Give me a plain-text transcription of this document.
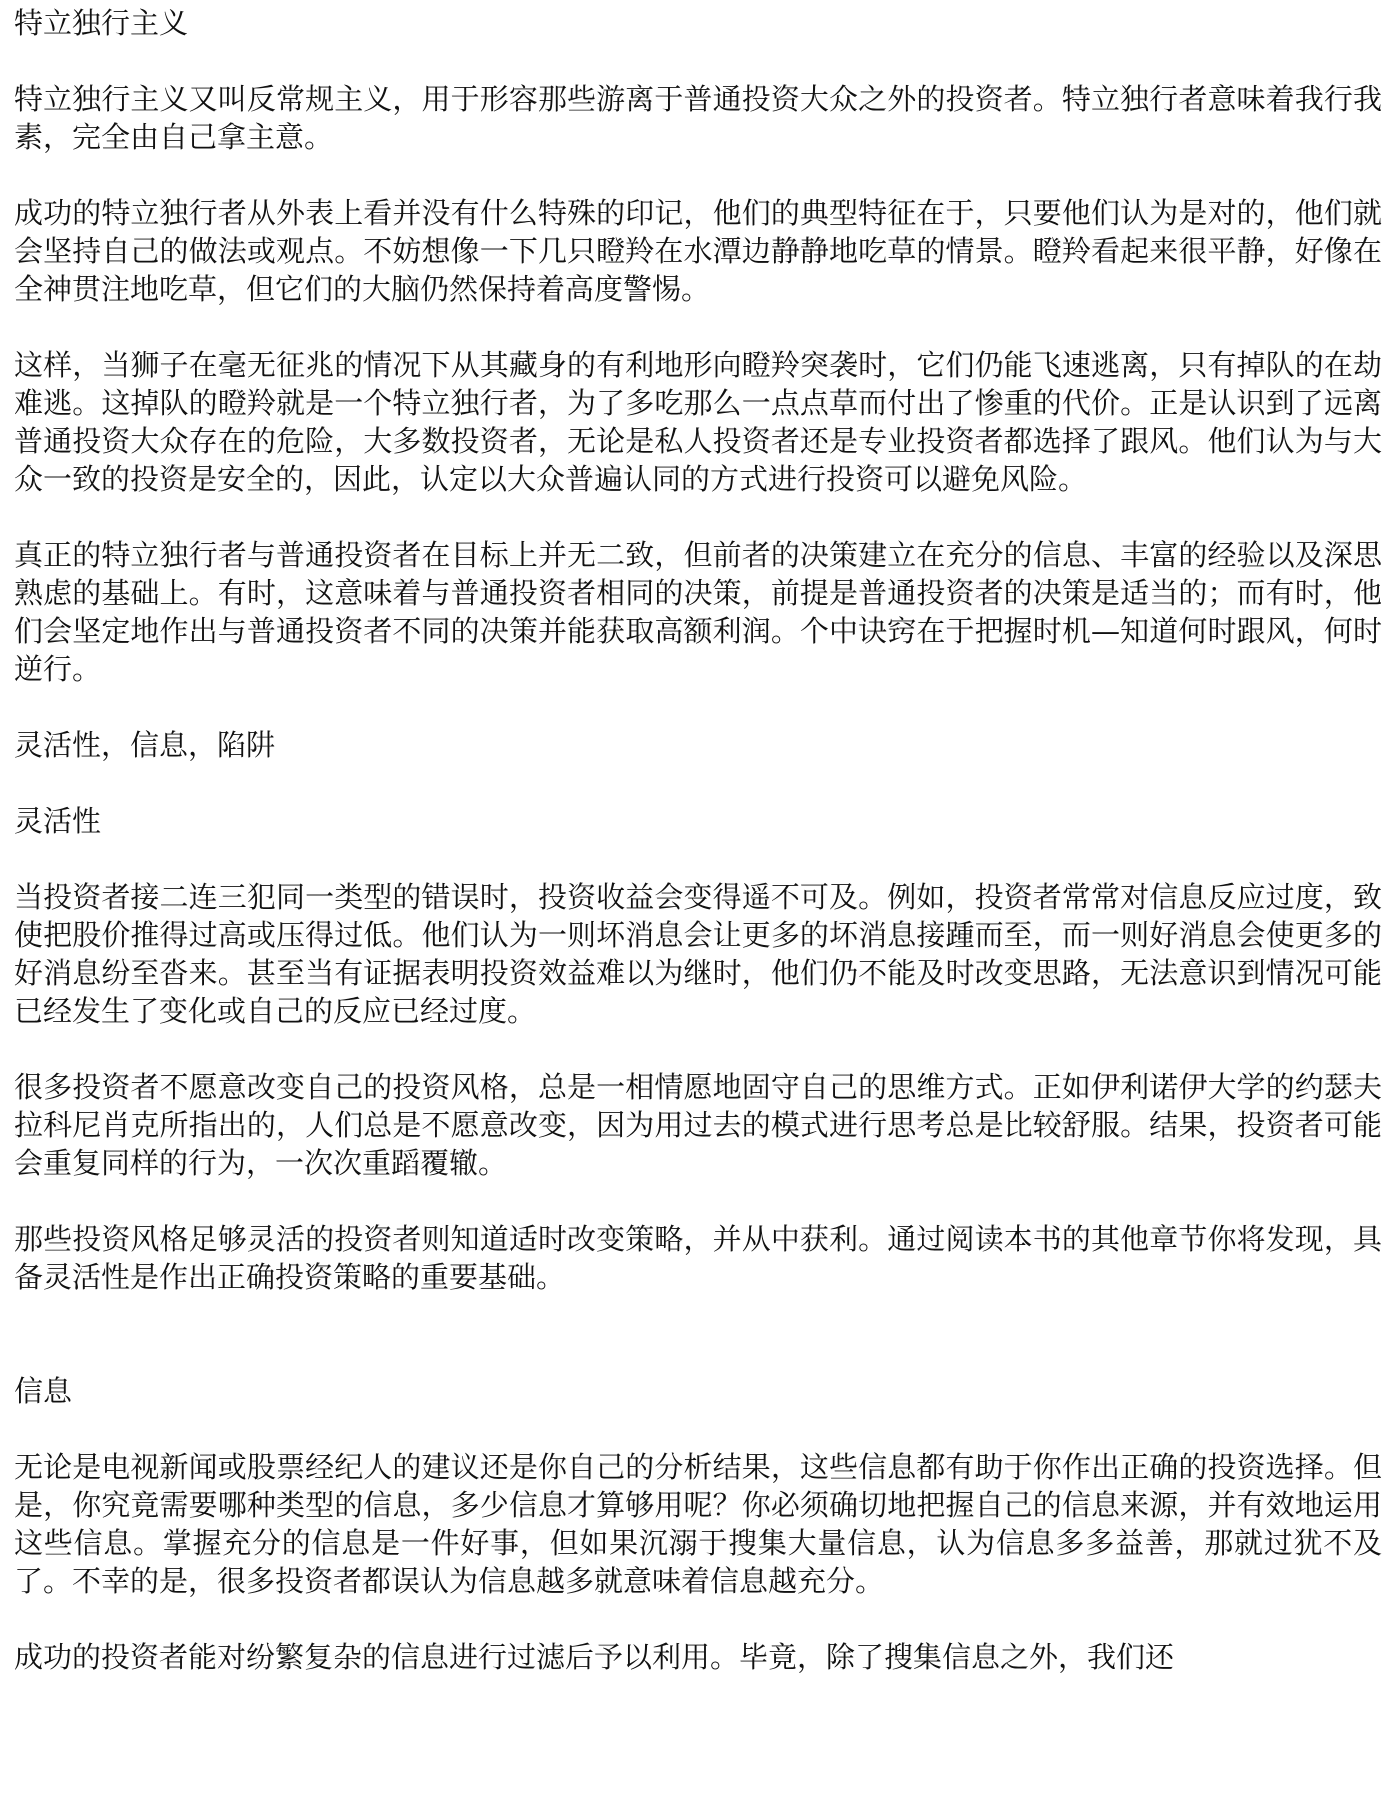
特立独行主义

特立独行主义又叫反常规主义，用于形容那些游离于普通投资大众之外的投资者。特立独行者意味着我行我素，完全由自己拿主意。

成功的特立独行者从外表上看并没有什么特殊的印记，他们的典型特征在于，只要他们认为是对的，他们就会坚持自己的做法或观点。不妨想像一下几只瞪羚在水潭边静静地吃草的情景。瞪羚看起来很平静，好像在全神贯注地吃草，但它们的大脑仍然保持着高度警惕。

这样，当狮子在毫无征兆的情况下从其藏身的有利地形向瞪羚突袭时，它们仍能飞速逃离，只有掉队的在劫难逃。这掉队的瞪羚就是一个特立独行者，为了多吃那么一点点草而付出了惨重的代价。正是认识到了远离普通投资大众存在的危险，大多数投资者，无论是私人投资者还是专业投资者都选择了跟风。他们认为与大众一致的投资是安全的，因此，认定以大众普遍认同的方式进行投资可以避免风险。

真正的特立独行者与普通投资者在目标上并无二致，但前者的决策建立在充分的信息、丰富的经验以及深思熟虑的基础上。有时，这意味着与普通投资者相同的决策，前提是普通投资者的决策是适当的；而有时，他们会坚定地作出与普通投资者不同的决策并能获取高额利润。个中诀窍在于把握时机—知道何时跟风，何时逆行。

灵活性，信息，陷阱

灵活性

当投资者接二连三犯同一类型的错误时，投资收益会变得遥不可及。例如，投资者常常对信息反应过度，致使把股价推得过高或压得过低。他们认为一则坏消息会让更多的坏消息接踵而至，而一则好消息会使更多的好消息纷至沓来。甚至当有证据表明投资效益难以为继时，他们仍不能及时改变思路，无法意识到情况可能已经发生了变化或自己的反应已经过度。

很多投资者不愿意改变自己的投资风格，总是一相情愿地固守自己的思维方式。正如伊利诺伊大学的约瑟夫拉科尼肖克所指出的，人们总是不愿意改变，因为用过去的模式进行思考总是比较舒服。结果，投资者可能会重复同样的行为，一次次重蹈覆辙。

那些投资风格足够灵活的投资者则知道适时改变策略，并从中获利。通过阅读本书的其他章节你将发现，具备灵活性是作出正确投资策略的重要基础。

信息

无论是电视新闻或股票经纪人的建议还是你自己的分析结果，这些信息都有助于你作出正确的投资选择。但是，你究竟需要哪种类型的信息，多少信息才算够用呢？你必须确切地把握自己的信息来源，并有效地运用这些信息。掌握充分的信息是一件好事，但如果沉溺于搜集大量信息，认为信息多多益善，那就过犹不及了。不幸的是，很多投资者都误认为信息越多就意味着信息越充分。

成功的投资者能对纷繁复杂的信息进行过滤后予以利用。毕竟，除了搜集信息之外，我们还
